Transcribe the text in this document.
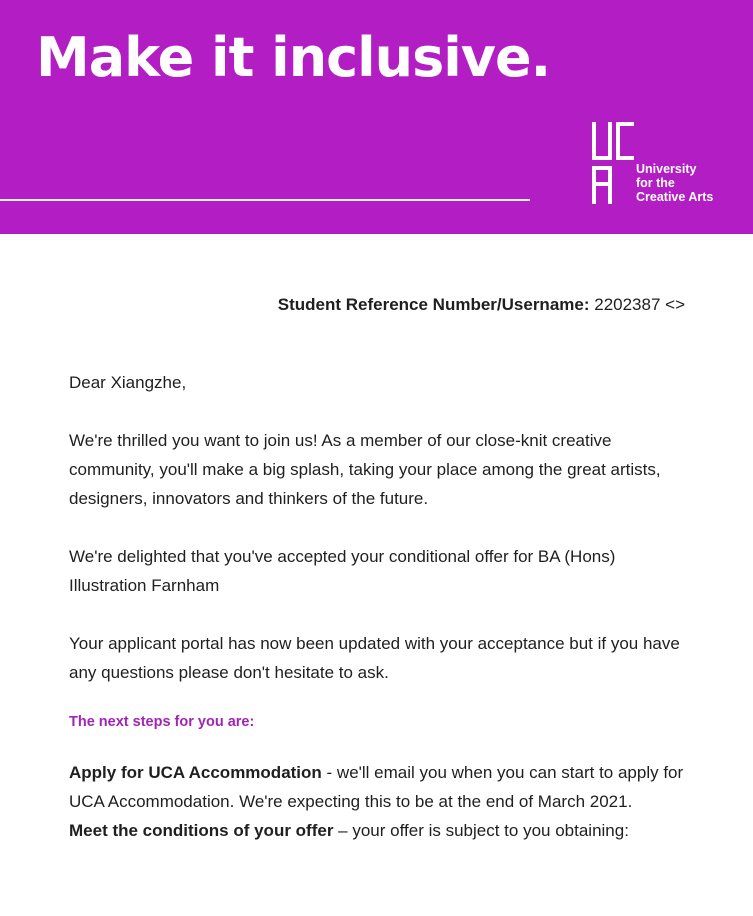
Make it inclusive.
University
for the
Creative Arts
Student Reference Number/Username: 2202387 <>

Dear Xiangzhe,

We're thrilled you want to join us! As a member of our close-knit creative community, you'll make a big splash, taking your place among the great artists, designers, innovators and thinkers of the future.

We're delighted that you've accepted your conditional offer for BA (Hons) Illustration Farnham

Your applicant portal has now been updated with your acceptance but if you have any questions please don't hesitate to ask.

The next steps for you are:

Apply for UCA Accommodation - we'll email you when you can start to apply for UCA Accommodation. We're expecting this to be at the end of March 2021.

Meet the conditions of your offer – your offer is subject to you obtaining:
